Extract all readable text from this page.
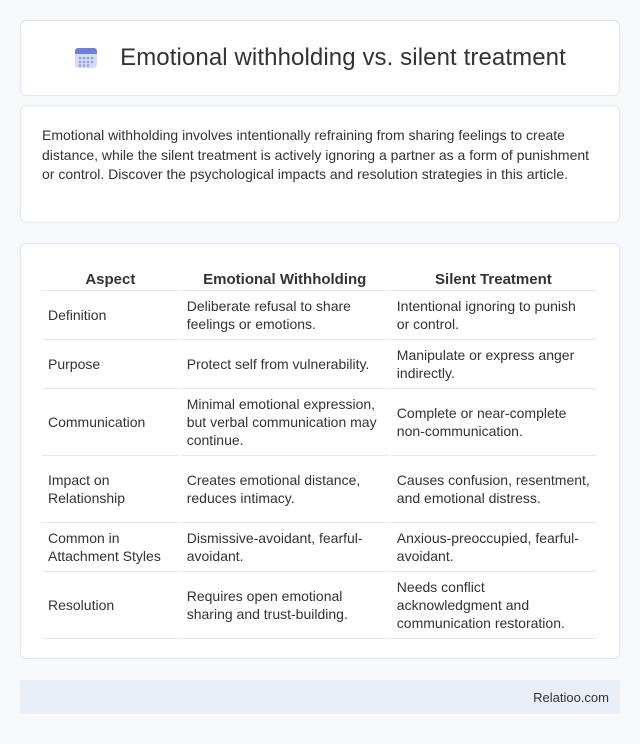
Emotional withholding vs. silent treatment

Emotional withholding involves intentionally refraining from sharing feelings to create distance, while the silent treatment is actively ignoring a partner as a form of punishment or control. Discover the psychological impacts and resolution strategies in this article.

Aspect	Emotional Withholding	Silent Treatment
Definition	Deliberate refusal to share feelings or emotions.	Intentional ignoring to punish or control.
Purpose	Protect self from vulnerability.	Manipulate or express anger indirectly.
Communication	Minimal emotional expression, but verbal communication may continue.	Complete or near-complete non-communication.
Impact on Relationship	Creates emotional distance, reduces intimacy.	Causes confusion, resentment, and emotional distress.
Common in Attachment Styles	Dismissive-avoidant, fearful-avoidant.	Anxious-preoccupied, fearful-avoidant.
Resolution	Requires open emotional sharing and trust-building.	Needs conflict acknowledgment and communication restoration.
Relatioo.com
